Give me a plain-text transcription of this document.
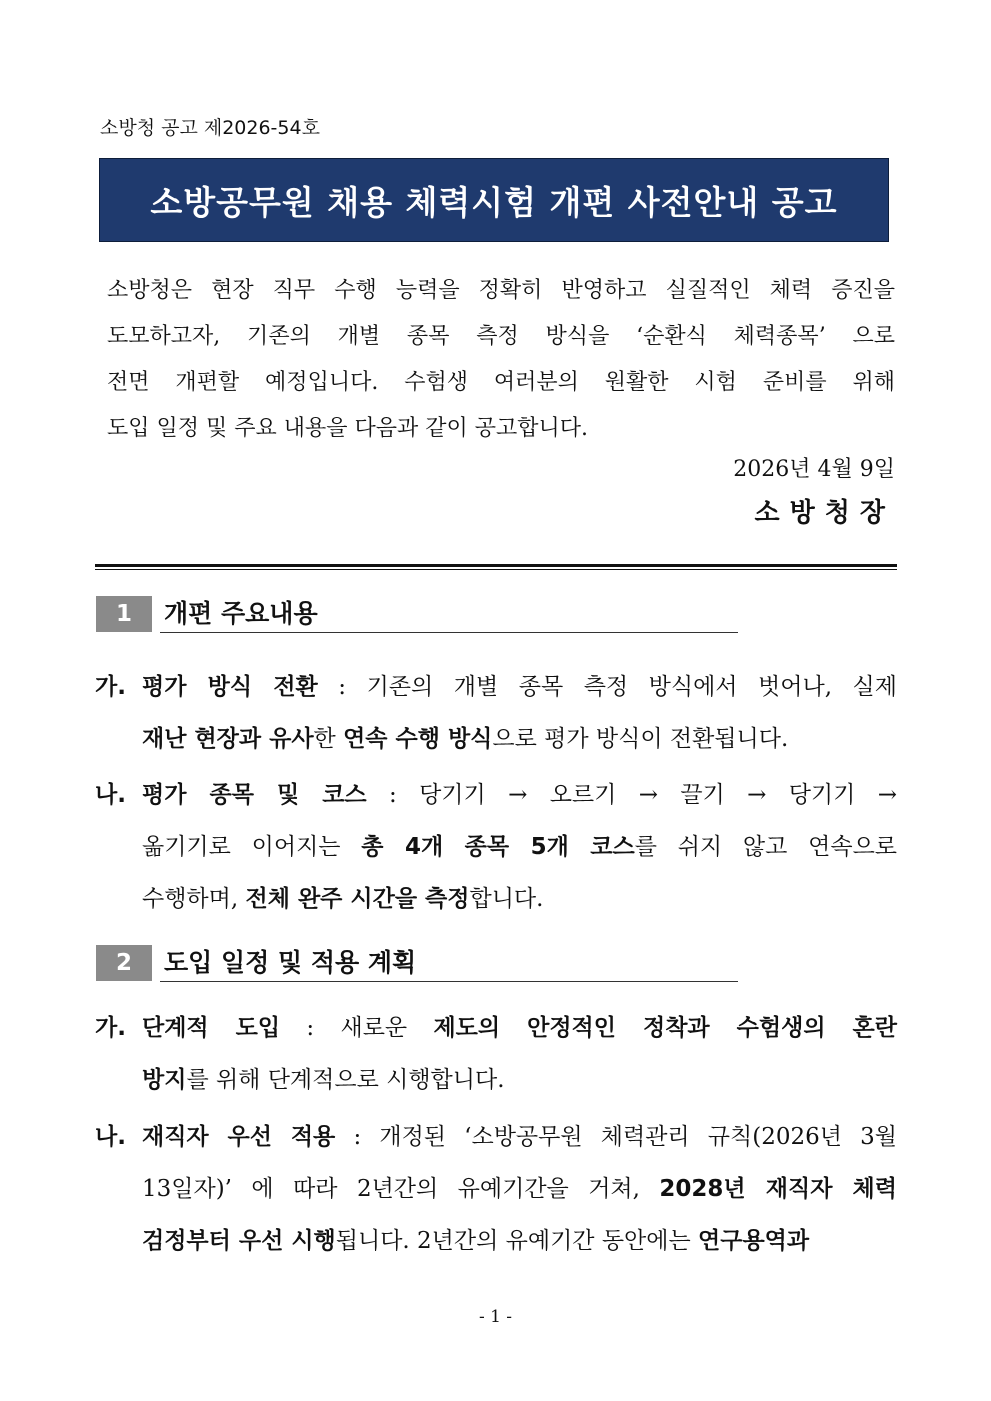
소방청 공고 제2026-54호
소방공무원 채용 체력시험 개편 사전안내 공고
소방청은 현장 직무 수행 능력을 정확히 반영하고 실질적인 체력 증진을
도모하고자, 기존의 개별 종목 측정 방식을 ‘순환식 체력종목’ 으로
전면 개편할 예정입니다. 수험생 여러분의 원활한 시험 준비를 위해
도입 일정 및 주요 내용을 다음과 같이 공고합니다.
2026년 4월 9일
소방청장
1	개편 주요내용
가. 평가 방식 전환 : 기존의 개별 종목 측정 방식에서 벗어나, 실제
재난 현장과 유사한 연속 수행 방식으로 평가 방식이 전환됩니다.
나. 평가 종목 및 코스 : 당기기 → 오르기 → 끌기 → 당기기 →
옮기기로 이어지는 총 4개 종목 5개 코스를 쉬지 않고 연속으로
수행하며, 전체 완주 시간을 측정합니다.
2	도입 일정 및 적용 계획
가. 단계적 도입 : 새로운 제도의 안정적인 정착과 수험생의 혼란
방지를 위해 단계적으로 시행합니다.
나. 재직자 우선 적용 : 개정된 ‘소방공무원 체력관리 규칙(2026년 3월
13일자)’ 에 따라 2년간의 유예기간을 거쳐, 2028년 재직자 체력
검정부터 우선 시행됩니다. 2년간의 유예기간 동안에는 연구용역과
- 1 -
